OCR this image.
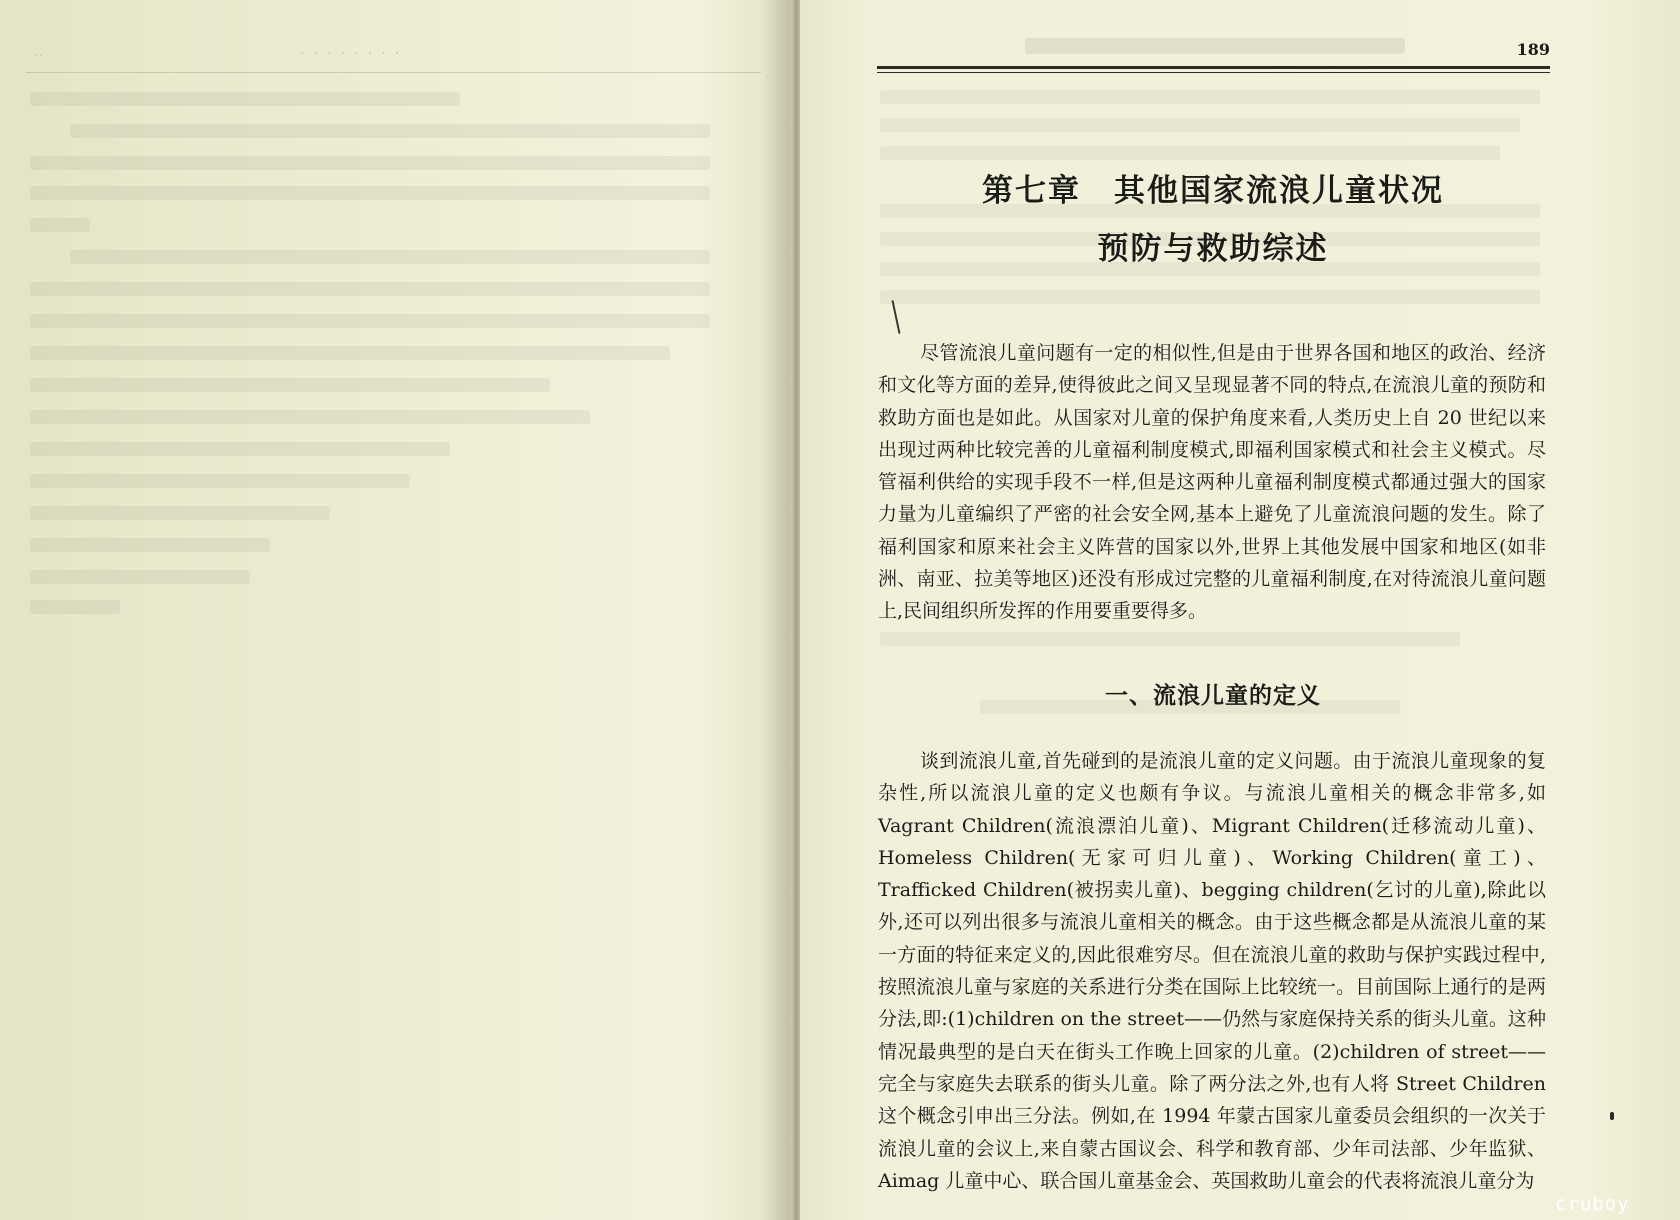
··	· · · · · · · ·	189
第七章　其他国家流浪儿童状况
预防与救助综述

尽管流浪儿童问题有一定的相似性,但是由于世界各国和地区的政治、经济和文化等方面的差异,使得彼此之间又呈现显著不同的特点,在流浪儿童的预防和救助方面也是如此。从国家对儿童的保护角度来看,人类历史上自 20 世纪以来出现过两种比较完善的儿童福利制度模式,即福利国家模式和社会主义模式。尽管福利供给的实现手段不一样,但是这两种儿童福利制度模式都通过强大的国家力量为儿童编织了严密的社会安全网,基本上避免了儿童流浪问题的发生。除了福利国家和原来社会主义阵营的国家以外,世界上其他发展中国家和地区(如非洲、南亚、拉美等地区)还没有形成过完整的儿童福利制度,在对待流浪儿童问题上,民间组织所发挥的作用要重要得多。

一、流浪儿童的定义

谈到流浪儿童,首先碰到的是流浪儿童的定义问题。由于流浪儿童现象的复杂性,所以流浪儿童的定义也颇有争议。与流浪儿童相关的概念非常多,如 Vagrant Children(流浪漂泊儿童)、Migrant Children(迁移流动儿童)、Homeless Children(无家可归儿童)、Working Children(童工)、Trafficked Children(被拐卖儿童)、begging children(乞讨的儿童),除此以外,还可以列出很多与流浪儿童相关的概念。由于这些概念都是从流浪儿童的某一方面的特征来定义的,因此很难穷尽。但在流浪儿童的救助与保护实践过程中,按照流浪儿童与家庭的关系进行分类在国际上比较统一。目前国际上通行的是两分法,即:(1)children on the street——仍然与家庭保持关系的街头儿童。这种情况最典型的是白天在街头工作晚上回家的儿童。(2)children of street——完全与家庭失去联系的街头儿童。除了两分法之外,也有人将 Street Children 这个概念引申出三分法。例如,在 1994 年蒙古国家儿童委员会组织的一次关于流浪儿童的会议上,来自蒙古国议会、科学和教育部、少年司法部、少年监狱、Aimag 儿童中心、联合国儿童基金会、英国救助儿童会的代表将流浪儿童分为

cruboy
